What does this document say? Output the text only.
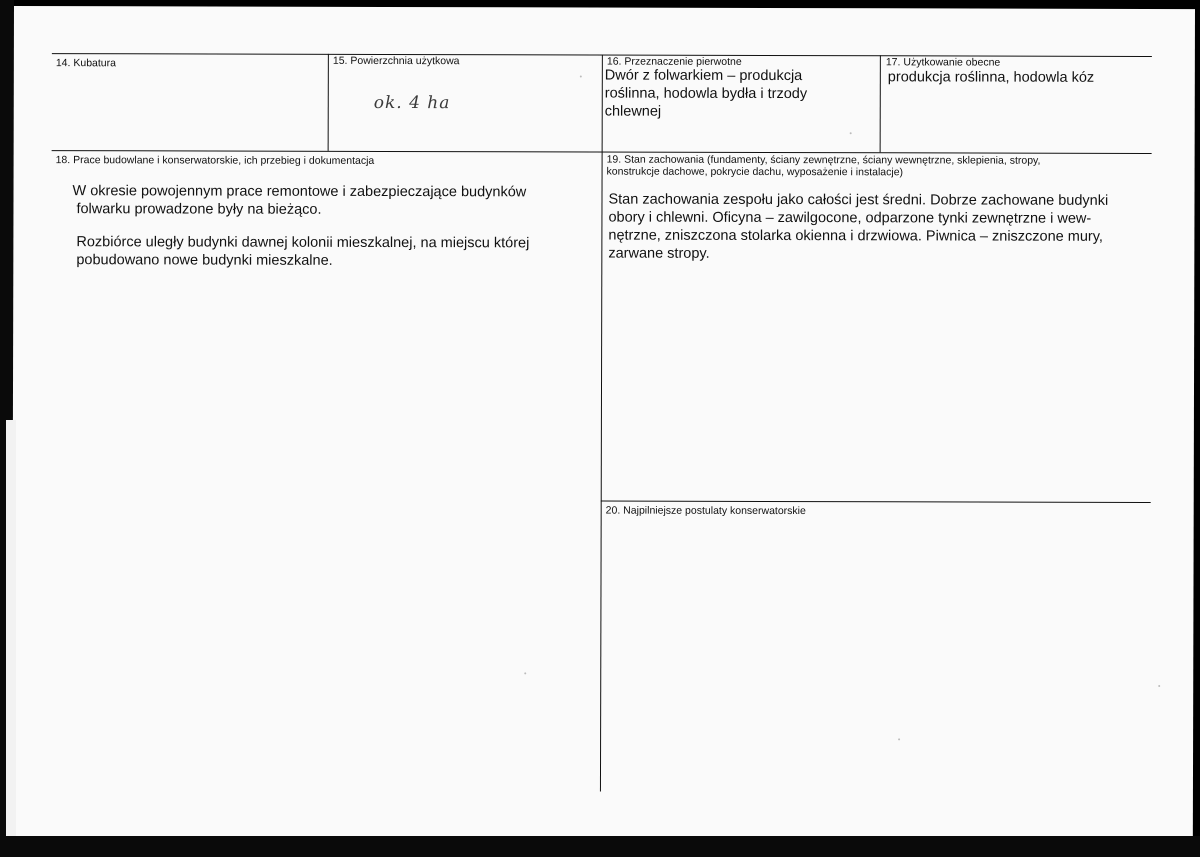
14. Kubatura	15. Powierzchnia użytkowa
ok. 4 ha
16. Przeznaczenie pierwotne
Dwór z folwarkiem – produkcja
roślinna, hodowla bydła i trzody
chlewnej
17. Użytkowanie obecne
produkcja roślinna, hodowla kóz
18. Prace budowlane i konserwatorskie, ich przebieg i dokumentacja
W okresie powojennym prace remontowe i zabezpieczające budynków
folwarku prowadzone były na bieżąco.
Rozbiórce uległy budynki dawnej kolonii mieszkalnej, na miejscu której
pobudowano nowe budynki mieszkalne.
19. Stan zachowania (fundamenty, ściany zewnętrzne, ściany wewnętrzne, sklepienia, stropy,
konstrukcje dachowe, pokrycie dachu, wyposażenie i instalacje)
Stan zachowania zespołu jako całości jest średni. Dobrze zachowane budynki
obory i chlewni. Oficyna – zawilgocone, odparzone tynki zewnętrzne i wew-
nętrzne, zniszczona stolarka okienna i drzwiowa. Piwnica – zniszczone mury,
zarwane stropy.
20. Najpilniejsze postulaty konserwatorskie
